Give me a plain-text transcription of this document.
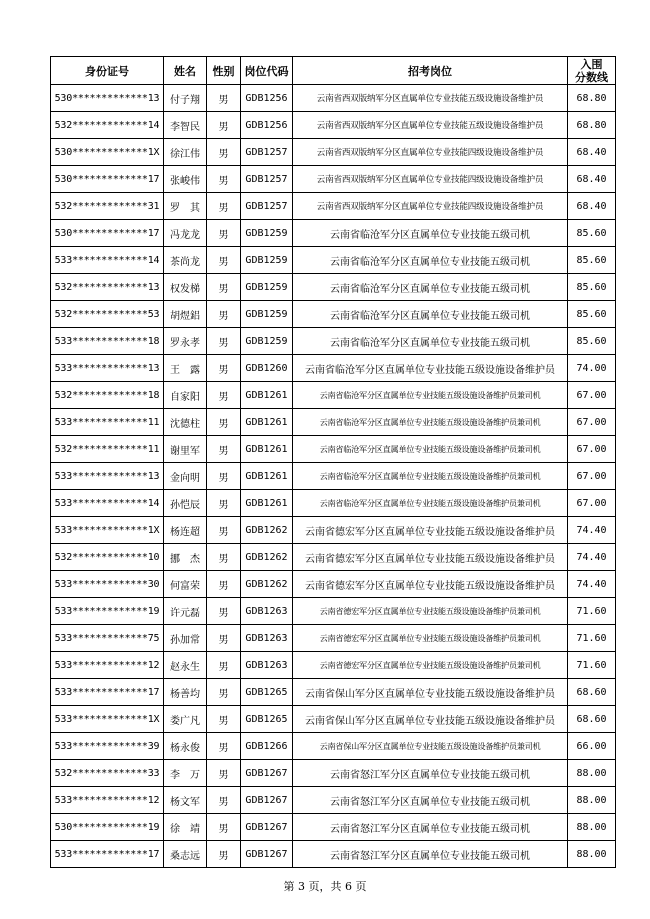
身份证号	姓名	性别	岗位代码	招考岗位	入围
分数线

530*************13	付子翔	男	GDB1256	云南省西双版纳军分区直属单位专业技能五级设施设备维护员	68.80
532*************14	李智民	男	GDB1256	云南省西双版纳军分区直属单位专业技能五级设施设备维护员	68.80
530*************1X	徐江伟	男	GDB1257	云南省西双版纳军分区直属单位专业技能四级设施设备维护员	68.40
530*************17	张峻伟	男	GDB1257	云南省西双版纳军分区直属单位专业技能四级设施设备维护员	68.40
532*************31	罗　其	男	GDB1257	云南省西双版纳军分区直属单位专业技能四级设施设备维护员	68.40
530*************17	冯龙龙	男	GDB1259	云南省临沧军分区直属单位专业技能五级司机	85.60
533*************14	茶尚龙	男	GDB1259	云南省临沧军分区直属单位专业技能五级司机	85.60
532*************13	权发梯	男	GDB1259	云南省临沧军分区直属单位专业技能五级司机	85.60
532*************53	胡煜鋁	男	GDB1259	云南省临沧军分区直属单位专业技能五级司机	85.60
533*************18	罗永孝	男	GDB1259	云南省临沧军分区直属单位专业技能五级司机	85.60
533*************13	王　露	男	GDB1260	云南省临沧军分区直属单位专业技能五级设施设备维护员	74.00
532*************18	自家阳	男	GDB1261	云南省临沧军分区直属单位专业技能五级设施设备维护员兼司机	67.00
533*************11	沈德柱	男	GDB1261	云南省临沧军分区直属单位专业技能五级设施设备维护员兼司机	67.00
532*************11	谢里军	男	GDB1261	云南省临沧军分区直属单位专业技能五级设施设备维护员兼司机	67.00
533*************13	金向明	男	GDB1261	云南省临沧军分区直属单位专业技能五级设施设备维护员兼司机	67.00
533*************14	孙恺辰	男	GDB1261	云南省临沧军分区直属单位专业技能五级设施设备维护员兼司机	67.00
533*************1X	杨连超	男	GDB1262	云南省德宏军分区直属单位专业技能五级设施设备维护员	74.40
532*************10	挪　杰	男	GDB1262	云南省德宏军分区直属单位专业技能五级设施设备维护员	74.40
533*************30	何富荣	男	GDB1262	云南省德宏军分区直属单位专业技能五级设施设备维护员	74.40
533*************19	许元磊	男	GDB1263	云南省德宏军分区直属单位专业技能五级设施设备维护员兼司机	71.60
533*************75	孙加常	男	GDB1263	云南省德宏军分区直属单位专业技能五级设施设备维护员兼司机	71.60
533*************12	赵永生	男	GDB1263	云南省德宏军分区直属单位专业技能五级设施设备维护员兼司机	71.60
533*************17	杨善均	男	GDB1265	云南省保山军分区直属单位专业技能五级设施设备维护员	68.60
533*************1X	娄广凡	男	GDB1265	云南省保山军分区直属单位专业技能五级设施设备维护员	68.60
533*************39	杨永俊	男	GDB1266	云南省保山军分区直属单位专业技能五级设施设备维护员兼司机	66.00
532*************33	李　万	男	GDB1267	云南省怒江军分区直属单位专业技能五级司机	88.00
533*************12	杨文军	男	GDB1267	云南省怒江军分区直属单位专业技能五级司机	88.00
530*************19	徐　靖	男	GDB1267	云南省怒江军分区直属单位专业技能五级司机	88.00
533*************17	桑志远	男	GDB1267	云南省怒江军分区直属单位专业技能五级司机	88.00
第 3 页，共 6 页
